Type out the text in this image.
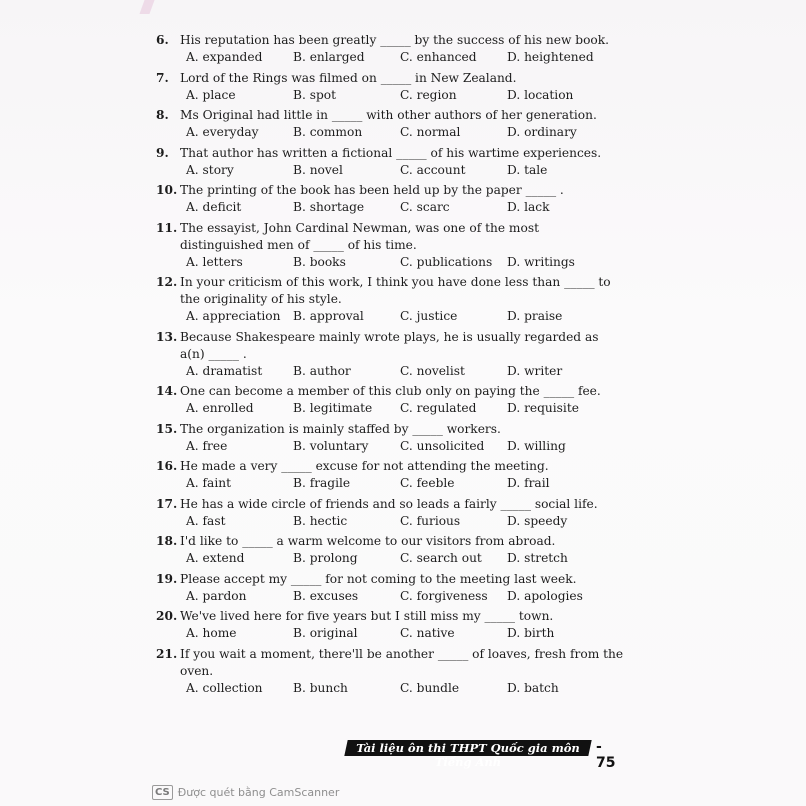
6. His reputation has been greatly _____ by the success of his new book.
A. expanded	B. enlarged	C. enhanced	D. heightened
7. Lord of the Rings was filmed on _____ in New Zealand.
A. place	B. spot	C. region	D. location
8. Ms Original had little in _____ with other authors of her generation.
A. everyday	B. common	C. normal	D. ordinary
9. That author has written a fictional _____ of his wartime experiences.
A. story	B. novel	C. account	D. tale
10. The printing of the book has been held up by the paper _____ .
A. deficit	B. shortage	C. scarc	D. lack
11. The essayist, John Cardinal Newman, was one of the most distinguished men of _____ of his time.
A. letters	B. books	C. publications	D. writings
12. In your criticism of this work, I think you have done less than _____ to the originality of his style.
A. appreciation	B. approval	C. justice	D. praise
13. Because Shakespeare mainly wrote plays, he is usually regarded as a(n) _____ .
A. dramatist	B. author	C. novelist	D. writer
14. One can become a member of this club only on paying the _____ fee.
A. enrolled	B. legitimate	C. regulated	D. requisite
15. The organization is mainly staffed by _____ workers.
A. free	B. voluntary	C. unsolicited	D. willing
16. He made a very _____ excuse for not attending the meeting.
A. faint	B. fragile	C. feeble	D. frail
17. He has a wide circle of friends and so leads a fairly _____ social life.
A. fast	B. hectic	C. furious	D. speedy
18. I'd like to _____ a warm welcome to our visitors from abroad.
A. extend	B. prolong	C. search out	D. stretch
19. Please accept my _____ for not coming to the meeting last week.
A. pardon	B. excuses	C. forgiveness	D. apologies
20. We've lived here for five years but I still miss my _____ town.
A. home	B. original	C. native	D. birth
21. If you wait a moment, there'll be another _____ of loaves, fresh from the oven.
A. collection	B. bunch	C. bundle	D. batch
Tài liệu ôn thi THPT Quốc gia môn Tiếng Anh
- 75
CS Được quét bằng CamScanner
